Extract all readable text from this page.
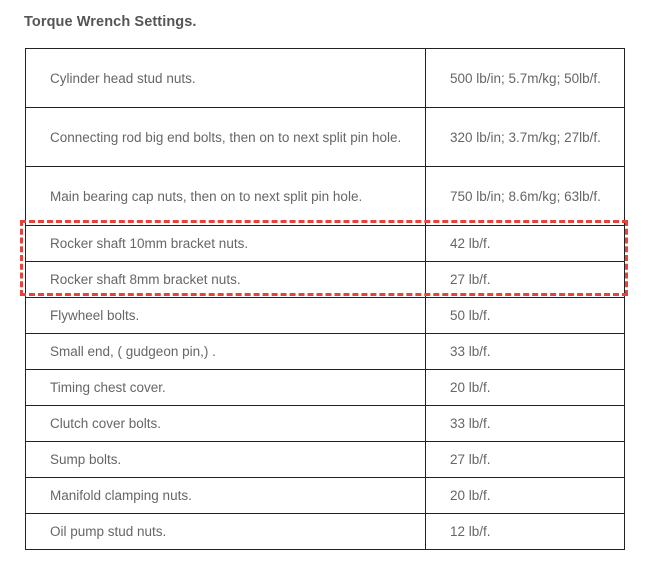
Torque Wrench Settings.

Cylinder head stud nuts.	500 lb/in; 5.7m/kg; 50lb/f.
Connecting rod big end bolts, then on to next split pin hole.	320 lb/in; 3.7m/kg; 27lb/f.
Main bearing cap nuts, then on to next split pin hole.	750 lb/in; 8.6m/kg; 63lb/f.
Rocker shaft 10mm bracket nuts.	42 lb/f.
Rocker shaft 8mm bracket nuts.	27 lb/f.
Flywheel bolts.	50 lb/f.
Small end, ( gudgeon pin,) .	33 lb/f.
Timing chest cover.	20 lb/f.
Clutch cover bolts.	33 lb/f.
Sump bolts.	27 lb/f.
Manifold clamping nuts.	20 lb/f.
Oil pump stud nuts.	12 lb/f.
